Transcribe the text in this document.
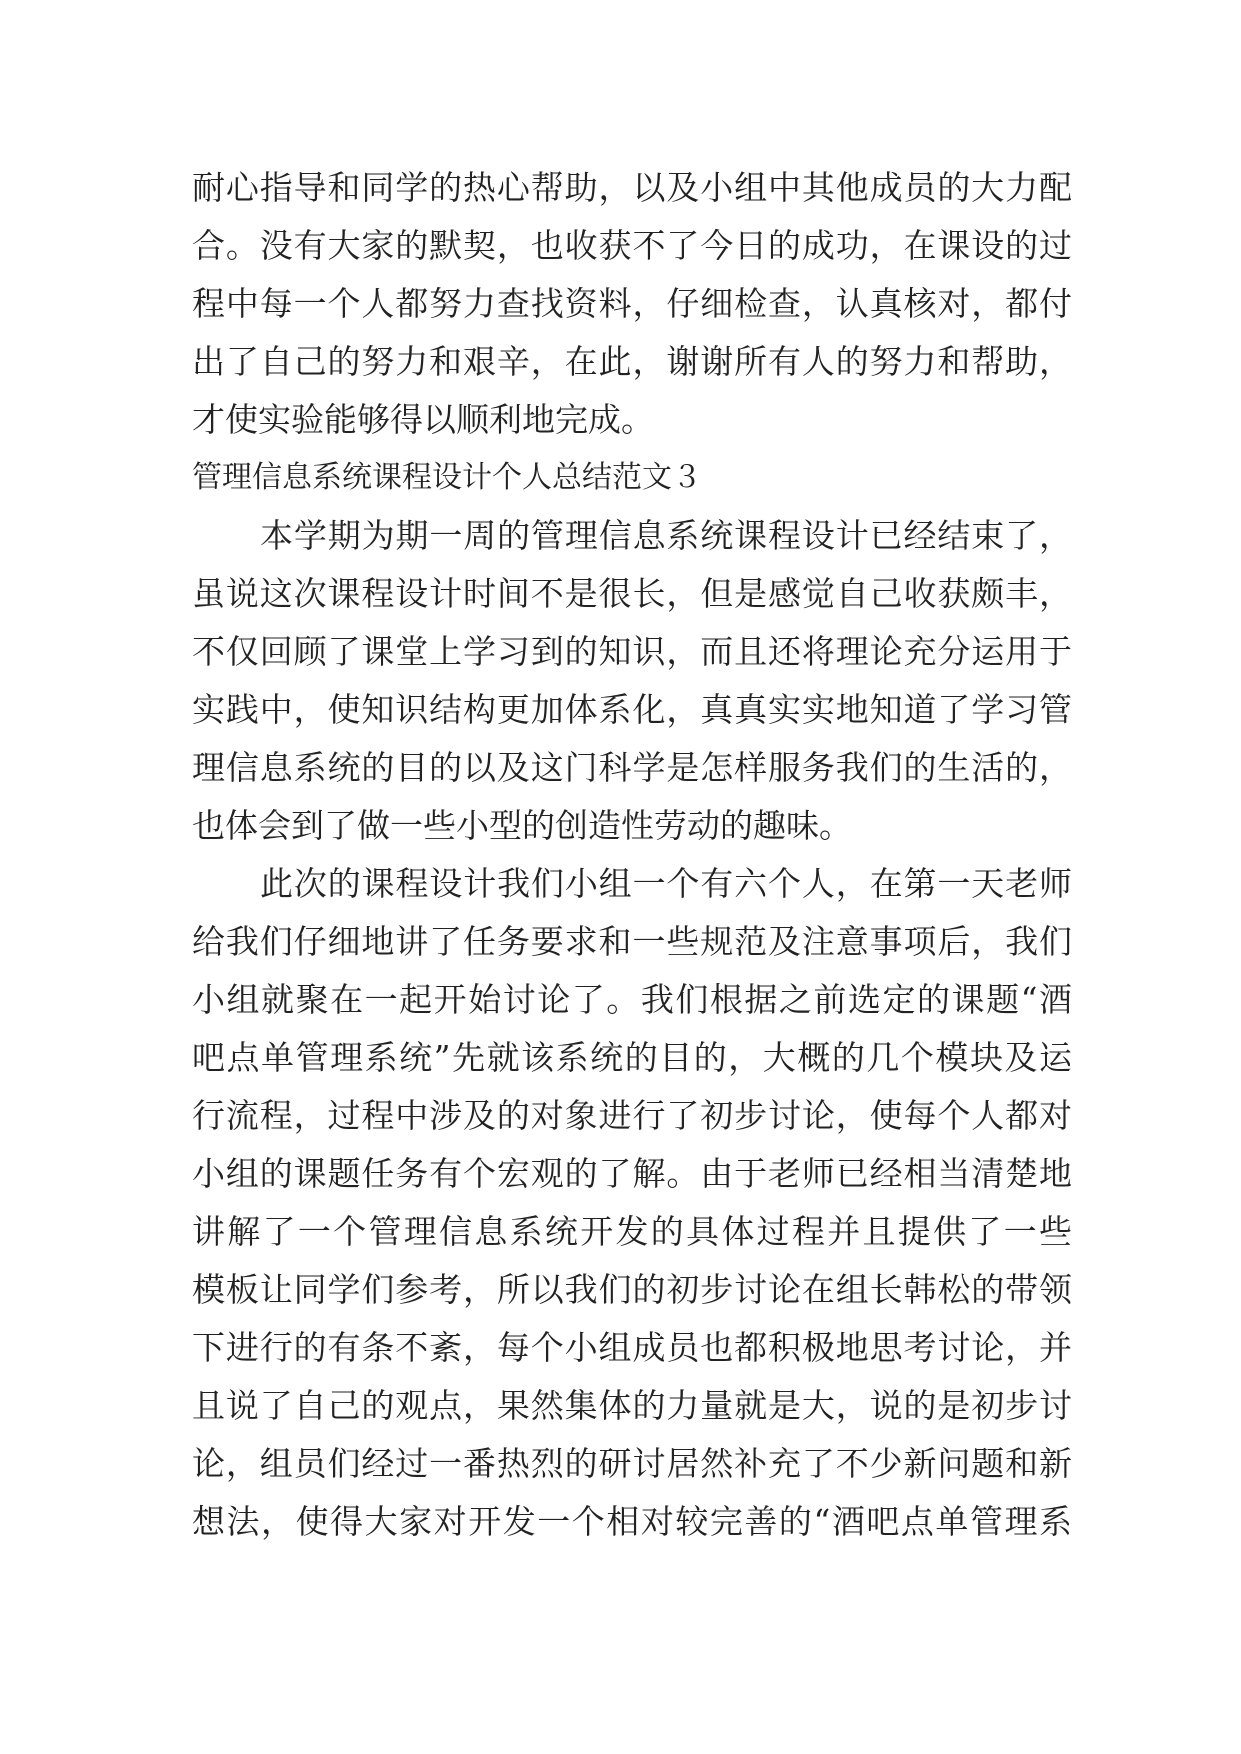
耐心指导和同学的热心帮助，以及小组中其他成员的大力配
合。没有大家的默契，也收获不了今日的成功，在课设的过
程中每一个人都努力查找资料，仔细检查，认真核对，都付
出了自己的努力和艰辛，在此，谢谢所有人的努力和帮助，
才使实验能够得以顺利地完成。
管理信息系统课程设计个人总结范文３
本学期为期一周的管理信息系统课程设计已经结束了，
虽说这次课程设计时间不是很长，但是感觉自己收获颇丰，
不仅回顾了课堂上学习到的知识，而且还将理论充分运用于
实践中，使知识结构更加体系化，真真实实地知道了学习管
理信息系统的目的以及这门科学是怎样服务我们的生活的，
也体会到了做一些小型的创造性劳动的趣味。
此次的课程设计我们小组一个有六个人，在第一天老师
给我们仔细地讲了任务要求和一些规范及注意事项后，我们
小组就聚在一起开始讨论了。我们根据之前选定的课题“酒
吧点单管理系统”先就该系统的目的，大概的几个模块及运
行流程，过程中涉及的对象进行了初步讨论，使每个人都对
小组的课题任务有个宏观的了解。由于老师已经相当清楚地
讲解了一个管理信息系统开发的具体过程并且提供了一些
模板让同学们参考，所以我们的初步讨论在组长韩松的带领
下进行的有条不紊，每个小组成员也都积极地思考讨论，并
且说了自己的观点，果然集体的力量就是大，说的是初步讨
论，组员们经过一番热烈的研讨居然补充了不少新问题和新
想法，使得大家对开发一个相对较完善的“酒吧点单管理系
